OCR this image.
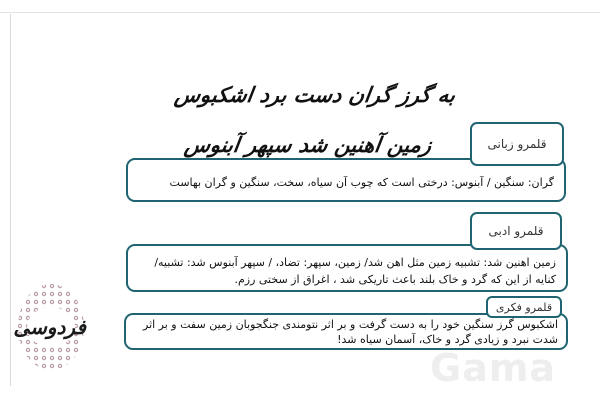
به گرز گران دست برد اشکبوس زمین آهنین شد سپهر آبنوس
گران: سنگین / آبنوس: درختی است که چوب آن سیاه، سخت، سنگین و گران بهاست
قلمرو زبانی
زمین اهنین شد: تشبیه زمین مثل اهن شد/ زمین، سپهر: تضاد، / سپهر آبنوس شد: تشبیه/کنایه از این که گرد و خاک بلند باعث تاریکی شد ، اغراق از سختی رزم.
قلمرو ادبی
اشکبوس گرز سنگین خود را به دست گرفت و بر اثر نتومندی جنگجوبان زمین سفت و بر اثر شدت نبرد و زیادی گرد و خاک، آسمان سیاه شد!
قلمرو فکری
فردوسی
Gama
